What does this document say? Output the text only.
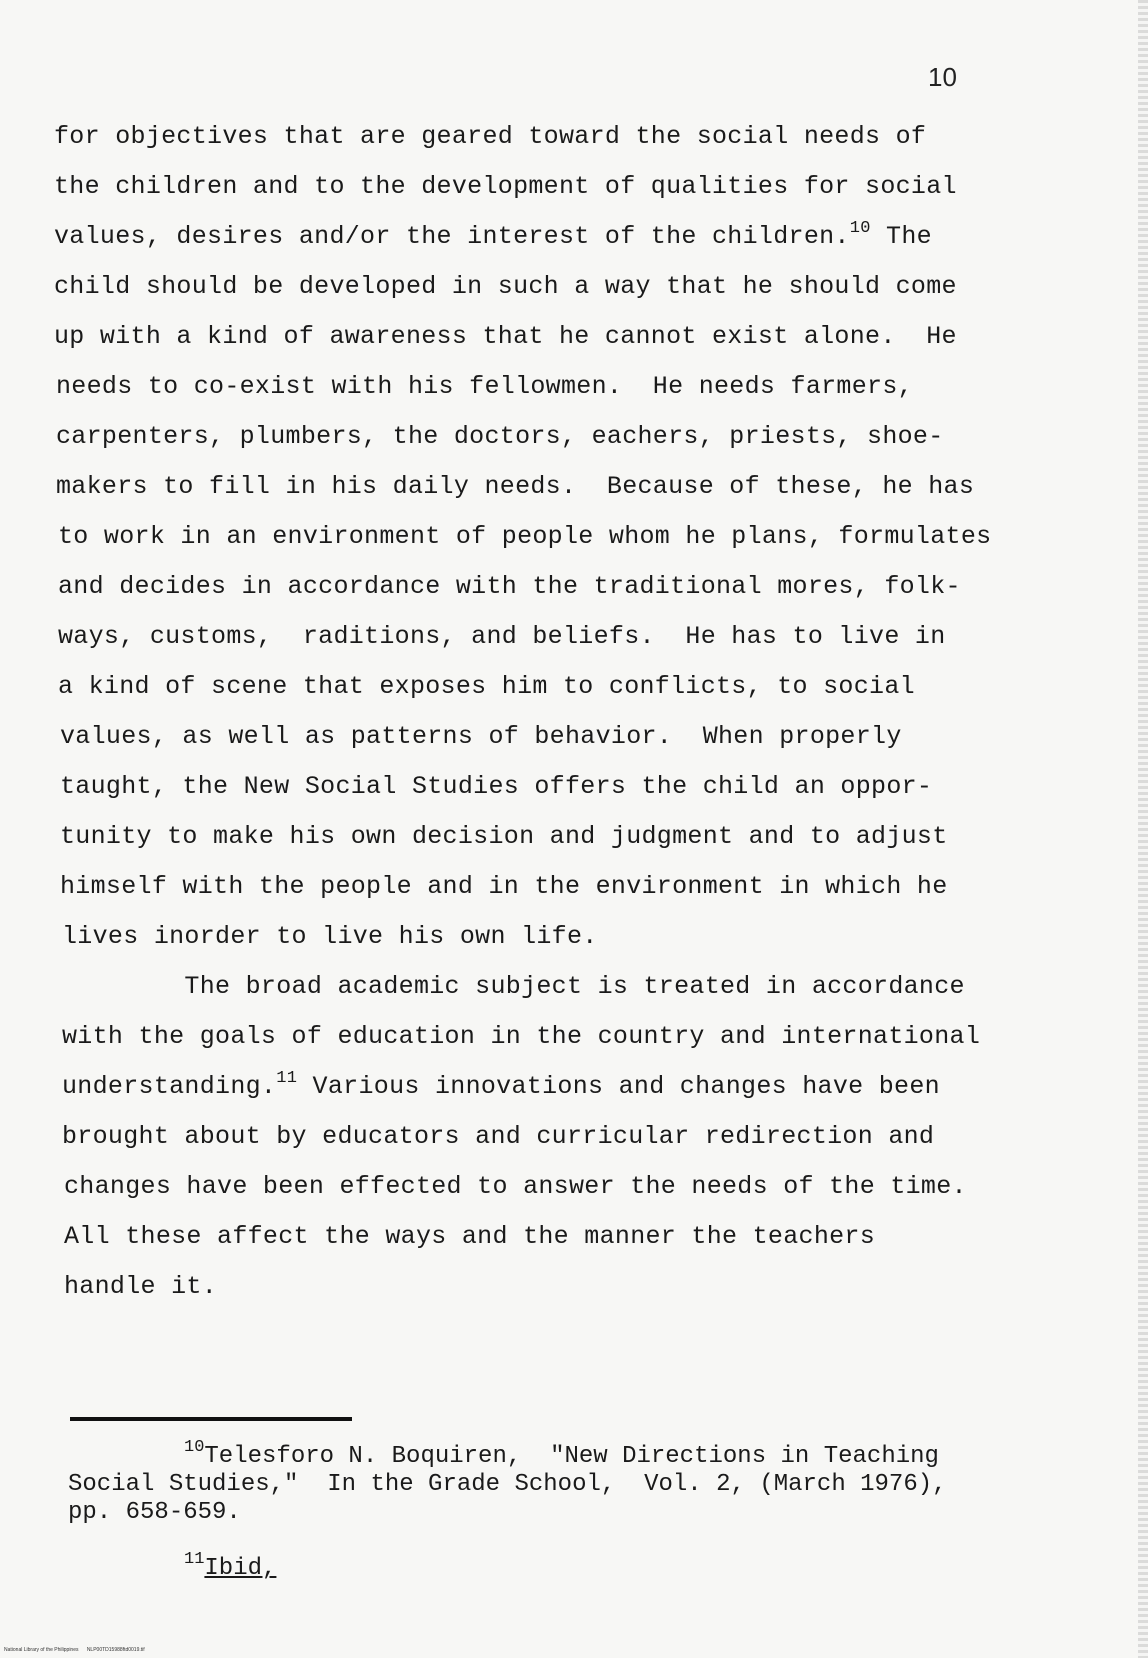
10
for objectives that are geared toward the social needs of
the children and to the development of qualities for social
values, desires and/or the interest of the children.$^{10}$ The
child should be developed in such a way that he should come
up with a kind of awareness that he cannot exist alone.  He
needs to co-exist with his fellowmen.  He needs farmers,
carpenters, plumbers, the doctors, eachers, priests, shoe-
makers to fill in his daily needs.  Because of these, he has
to work in an environment of people whom he plans, formulates
and decides in accordance with the traditional mores, folk-
ways, customs,  raditions, and beliefs.  He has to live in
a kind of scene that exposes him to conflicts, to social
values, as well as patterns of behavior.  When properly
taught, the New Social Studies offers the child an oppor-
tunity to make his own decision and judgment and to adjust
himself with the people and in the environment in which he
lives inorder to live his own life.
The broad academic subject is treated in accordance
with the goals of education in the country and international
understanding.$^{11}$ Various innovations and changes have been
brought about by educators and curricular redirection and
changes have been effected to answer the needs of the time.
All these affect the ways and the manner the teachers
handle it.
$^{10}$Telesforo N. Boquiren,  "New Directions in Teaching
Social Studies,"  In the Grade School,  Vol. 2, (March 1976),
pp. 658-659.
$^{11}$Ibid,
National Library of the Philippines      NLP00TD15988ftd0019.tif
